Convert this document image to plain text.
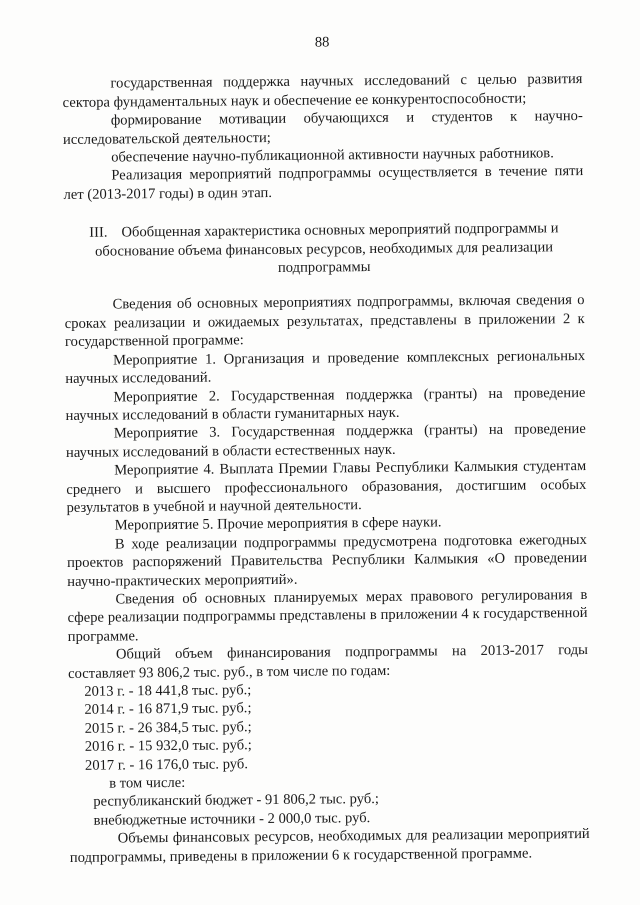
88

государственная поддержка научных исследований с целью развития сектора фундаментальных наук и обеспечение ее конкурентоспособности;

формирование мотивации обучающихся и студентов к научно-исследовательской деятельности;

обеспечение научно-публикационной активности научных работников.

Реализация мероприятий подпрограммы осуществляется в течение пяти лет (2013-2017 годы) в один этап.

III. Обобщенная характеристика основных мероприятий подпрограммы и обоснование объема финансовых ресурсов, необходимых для реализации подпрограммы

Сведения об основных мероприятиях подпрограммы, включая сведения о сроках реализации и ожидаемых результатах, представлены в приложении 2 к государственной программе:

Мероприятие 1. Организация и проведение комплексных региональных научных исследований.

Мероприятие 2. Государственная поддержка (гранты) на проведение научных исследований в области гуманитарных наук.

Мероприятие 3. Государственная поддержка (гранты) на проведение научных исследований в области естественных наук.

Мероприятие 4. Выплата Премии Главы Республики Калмыкия студентам среднего и высшего профессионального образования, достигшим особых результатов в учебной и научной деятельности.

Мероприятие 5. Прочие мероприятия в сфере науки.

В ходе реализации подпрограммы предусмотрена подготовка ежегодных проектов распоряжений Правительства Республики Калмыкия «О проведении научно-практических мероприятий».

Сведения об основных планируемых мерах правового регулирования в сфере реализации подпрограммы представлены в приложении 4 к государственной программе.

Общий объем финансирования подпрограммы на 2013-2017 годы составляет 93 806,2 тыс. руб., в том числе по годам:

2013 г. - 18 441,8 тыс. руб.;

2014 г. - 16 871,9 тыс. руб.;

2015 г. - 26 384,5 тыс. руб.;

2016 г. - 15 932,0 тыс. руб.;

2017 г. - 16 176,0 тыс. руб.

в том числе:

республиканский бюджет - 91 806,2 тыс. руб.;

внебюджетные источники - 2 000,0 тыс. руб.

Объемы финансовых ресурсов, необходимых для реализации мероприятий подпрограммы, приведены в приложении 6 к государственной программе.
